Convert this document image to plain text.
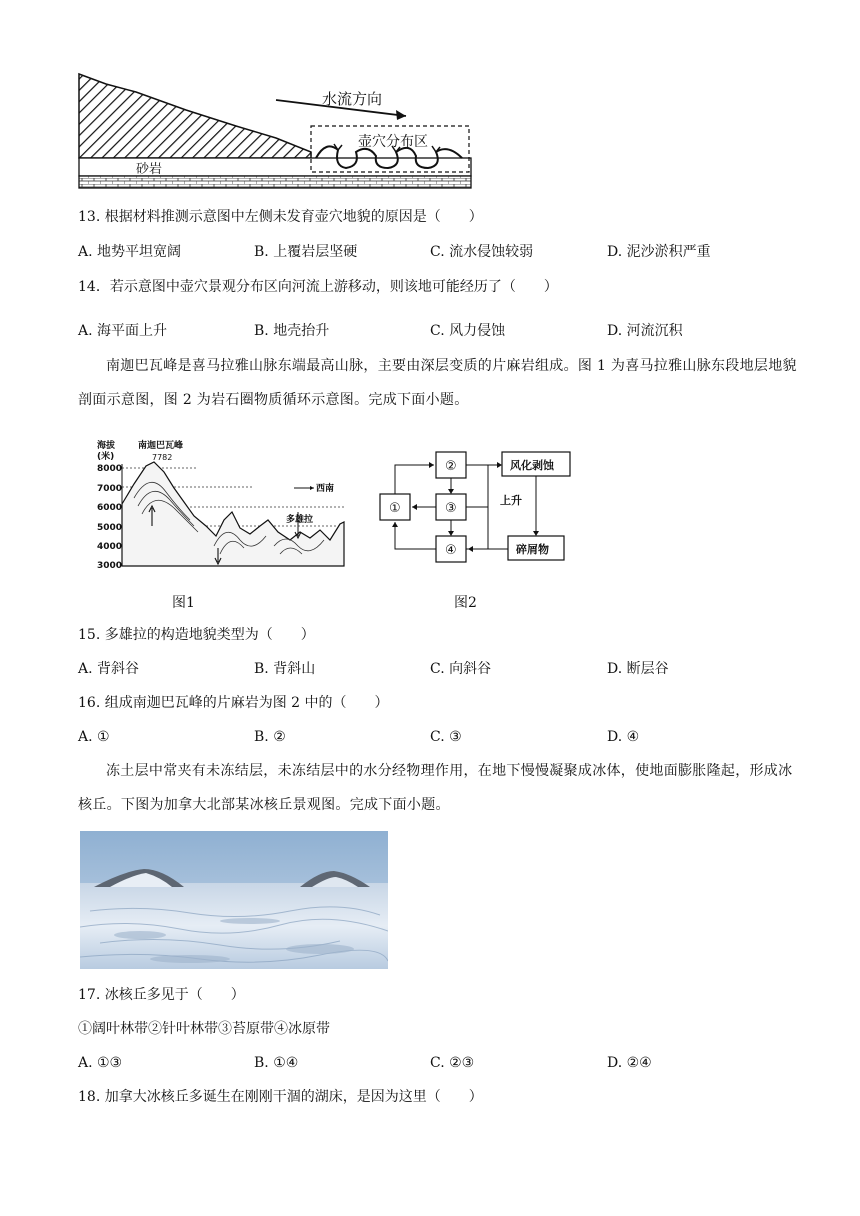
水流方向
壶穴分布区
砂岩
13. 根据材料推测示意图中左侧未发育壶穴地貌的原因是（　　）
A. 地势平坦宽阔	B. 上覆岩层坚硬	C. 流水侵蚀较弱	D. 泥沙淤积严重
14．若示意图中壶穴景观分布区向河流上游移动，则该地可能经历了（　　）
A. 海平面上升	B. 地壳抬升	C. 风力侵蚀	D. 河流沉积
南迦巴瓦峰是喜马拉雅山脉东端最高山脉，主要由深层变质的片麻岩组成。图 1 为喜马拉雅山脉东段地层地貌剖面示意图，图 2 为岩石圈物质循环示意图。完成下面小题。
海拔
(米)
南迦巴瓦峰
7782
8000
7000
6000
5000
4000
3000
西南
多雄拉
图1
①
②
③
④
风化剥蚀
碎屑物
上升
图2
15. 多雄拉的构造地貌类型为（　　）
A. 背斜谷	B. 背斜山	C. 向斜谷	D. 断层谷
16. 组成南迦巴瓦峰的片麻岩为图 2 中的（　　）
A. ①	B. ②	C. ③	D. ④
冻土层中常夹有未冻结层，未冻结层中的水分经物理作用，在地下慢慢凝聚成冰体，使地面膨胀隆起，形成冰核丘。下图为加拿大北部某冰核丘景观图。完成下面小题。
17. 冰核丘多见于（　　）
①阔叶林带②针叶林带③苔原带④冰原带
A. ①③	B. ①④	C. ②③	D. ②④
18. 加拿大冰核丘多诞生在刚刚干涸的湖床，是因为这里（　　）
